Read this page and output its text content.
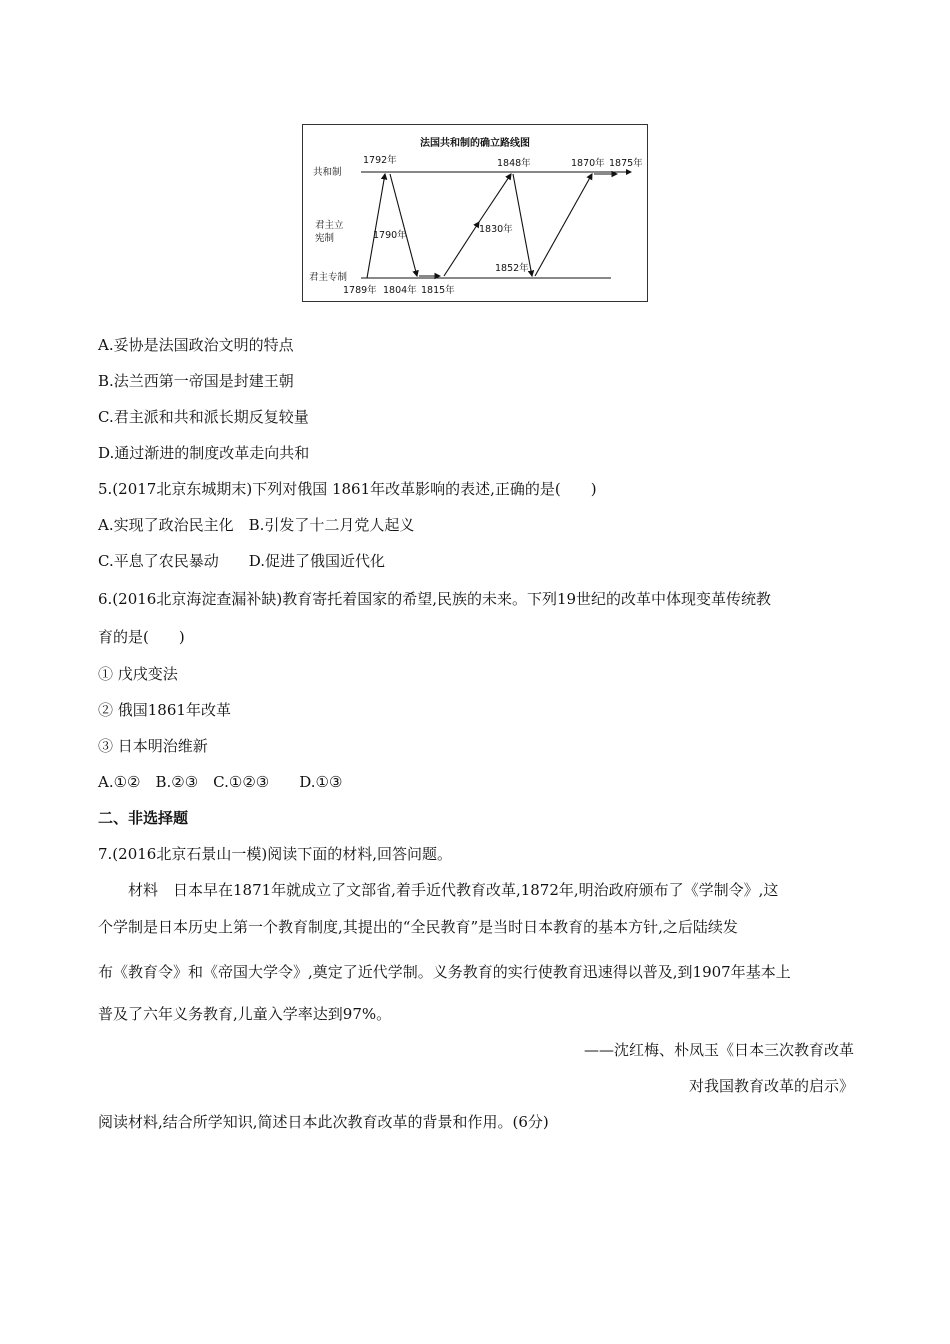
法国共和制的确立路线图
共和制
君主立
宪制
君主专制
1792年
1790年
1789年 1804年 1815年
1830年
1848年
1852年
1870年 1875年
A.妥协是法国政治文明的特点
B.法兰西第一帝国是封建王朝
C.君主派和共和派长期反复较量
D.通过渐进的制度改革走向共和
5.(2017北京东城期末)下列对俄国 1861年改革影响的表述,正确的是(　　)
A.实现了政治民主化　B.引发了十二月党人起义
C.平息了农民暴动　　D.促进了俄国近代化
6.(2016北京海淀查漏补缺)教育寄托着国家的希望,民族的未来。下列19世纪的改革中体现变革传统教
育的是(　　)
① 戊戌变法
② 俄国1861年改革
③ 日本明治维新
A.①②　B.②③　C.①②③　　D.①③
二、非选择题
7.(2016北京石景山一模)阅读下面的材料,回答问题。
材料　日本早在1871年就成立了文部省,着手近代教育改革,1872年,明治政府颁布了《学制令》,这
个学制是日本历史上第一个教育制度,其提出的“全民教育”是当时日本教育的基本方针,之后陆续发
布《教育令》和《帝国大学令》,奠定了近代学制。义务教育的实行使教育迅速得以普及,到1907年基本上
普及了六年义务教育,儿童入学率达到97%。
——沈红梅、朴凤玉《日本三次教育改革
对我国教育改革的启示》
阅读材料,结合所学知识,简述日本此次教育改革的背景和作用。(6分)
